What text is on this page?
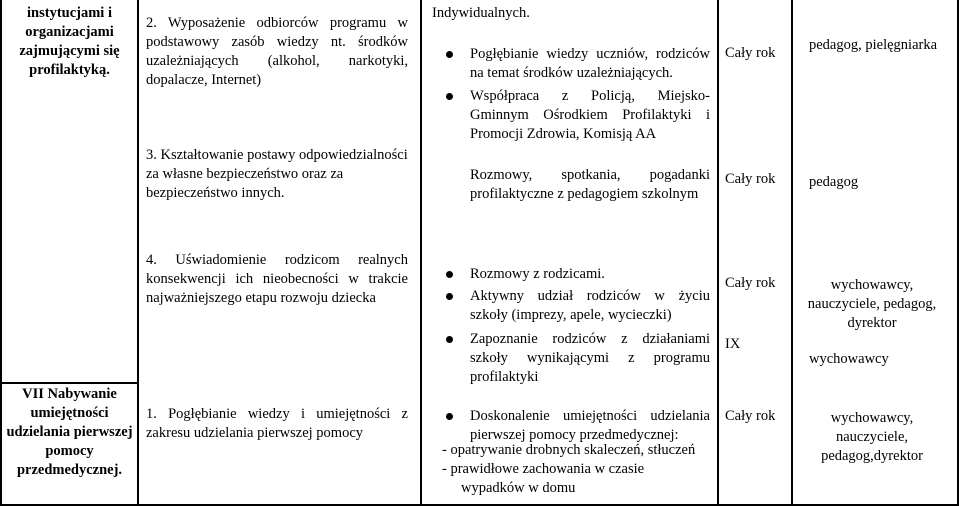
instytucjami i organizacjami zajmującymi się profilaktyką.
VII Nabywanie umiejętności udzielania pierwszej pomocy przedmedycznej.
2. Wyposażenie odbiorców programu w podstawowy zasób wiedzy nt. środków uzależniających (alkohol, narkotyki, dopalacze, Internet)
3. Kształtowanie postawy odpowiedzialności za własne bezpieczeństwo oraz za bezpieczeństwo innych.
4. Uświadomienie rodzicom realnych konsekwencji ich nieobecności w trakcie najważniejszego etapu rozwoju dziecka
1. Pogłębianie wiedzy i umiejętności z zakresu udzielania pierwszej pomocy
Indywidualnych.
Pogłębianie wiedzy uczniów, rodziców na temat środków uzależniających.
Współpraca z Policją, Miejsko-Gminnym Ośrodkiem Profilaktyki i Promocji Zdrowia, Komisją AA
Rozmowy, spotkania, pogadanki profilaktyczne z pedagogiem szkolnym
Rozmowy z rodzicami.
Aktywny udział rodziców w życiu szkoły (imprezy, apele, wycieczki)
Zapoznanie rodziców z działaniami szkoły wynikającymi z programu profilaktyki
Doskonalenie umiejętności udzielania pierwszej pomocy przedmedycznej:
- opatrywanie drobnych skaleczeń, stłuczeń
- prawidłowe zachowania w czasie
wypadków w domu
Cały rok
Cały rok
Cały rok
IX
Cały rok
pedagog, pielęgniarka
pedagog
wychowawcy, nauczyciele, pedagog, dyrektor
wychowawcy
wychowawcy, nauczyciele, pedagog,dyrektor
